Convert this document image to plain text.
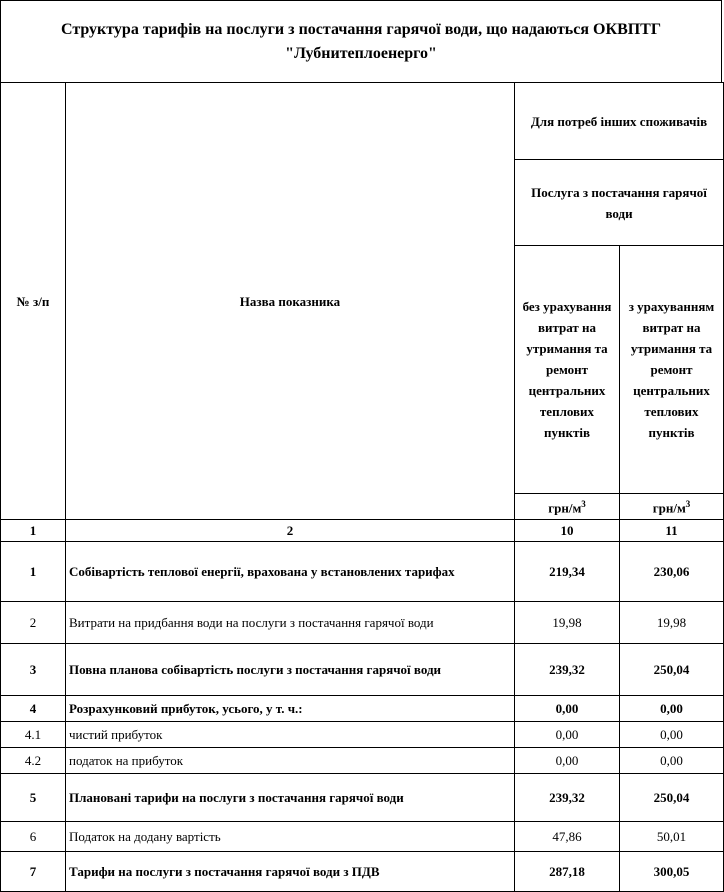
Структура тарифів на послуги з постачання гарячої води, що надаються ОКВПТГ
"Лубнитеплоенерго"
№ з/п	Назва показника	Для потреб інших споживачів	
		Послуга з постачання гарячої води	
		без урахування витрат на утримання та ремонт центральних теплових пунктів	з урахуванням витрат на утримання та ремонт центральних теплових пунктів
		грн/$м^3$	грн/$м^3$
1	2	10	11
1	Собівартість теплової енергії, врахована у встановлених тарифах	219,34	230,06
2	Витрати на придбання води на послуги з постачання гарячої води	19,98	19,98
3	Повна планова собівартість послуги з постачання гарячої води	239,32	250,04
4	Розрахунковий прибуток, усього, у т. ч.:	0,00	0,00
4.1	чистий прибуток	0,00	0,00
4.2	податок на прибуток	0,00	0,00
5	Плановані тарифи на послуги з постачання гарячої води	239,32	250,04
6	Податок на додану вартість	47,86	50,01
7	Тарифи на послуги з постачання гарячої води з ПДВ	287,18	300,05
